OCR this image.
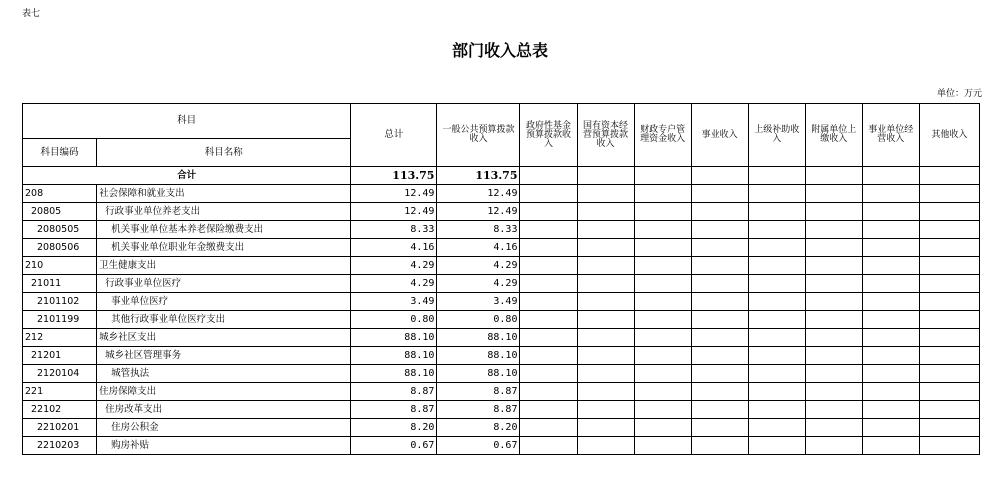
表七
部门收入总表
单位：万元
科目		总计	一般公共预算拨款收入	政府性基金预算拨款收入	国有资本经营预算拨款收入	财政专户管理资金收入	事业收入	上级补助收入	附属单位上缴收入	事业单位经营收入	其他收入
科目编码	科目名称										
合计		113.75	113.75								
208	社会保障和就业支出	12.49	12.49								
20805	行政事业单位养老支出	12.49	12.49								
2080505	机关事业单位基本养老保险缴费支出	8.33	8.33								
2080506	机关事业单位职业年金缴费支出	4.16	4.16								
210	卫生健康支出	4.29	4.29								
21011	行政事业单位医疗	4.29	4.29								
2101102	事业单位医疗	3.49	3.49								
2101199	其他行政事业单位医疗支出	0.80	0.80								
212	城乡社区支出	88.10	88.10								
21201	城乡社区管理事务	88.10	88.10								
2120104	城管执法	88.10	88.10								
221	住房保障支出	8.87	8.87								
22102	住房改革支出	8.87	8.87								
2210201	住房公积金	8.20	8.20								
2210203	购房补贴	0.67	0.67								
